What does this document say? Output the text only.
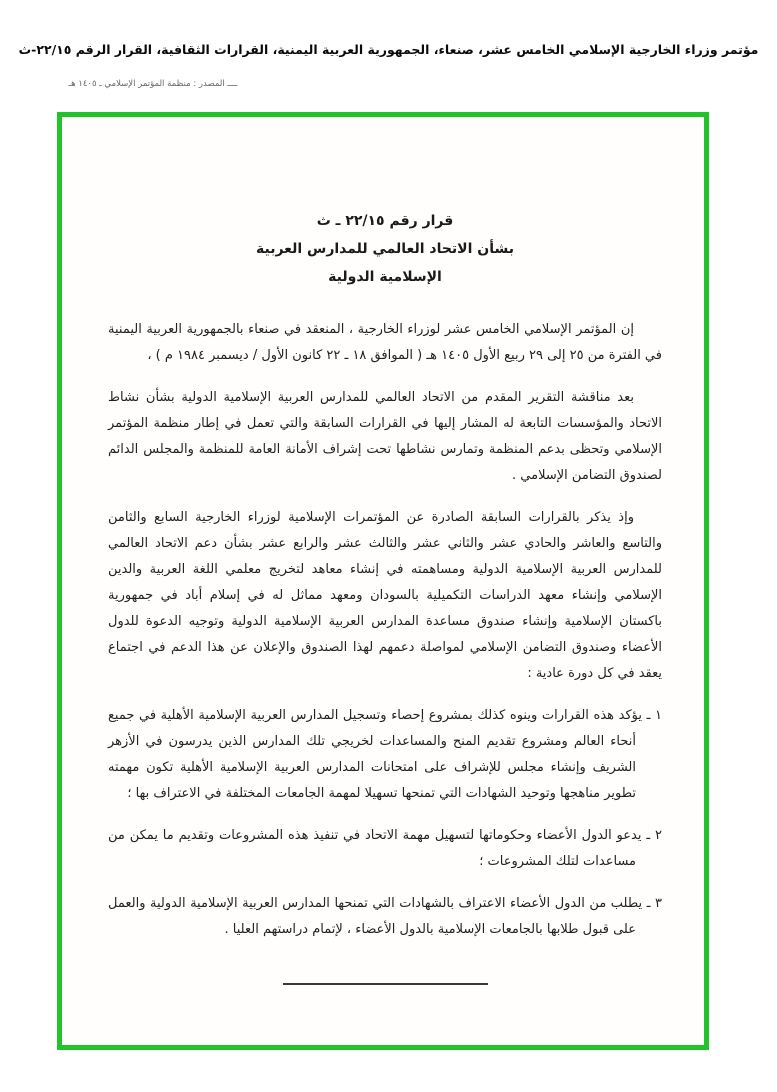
مؤتمر وزراء الخارجية الإسلامي الخامس عشر، صنعاء، الجمهورية العربية اليمنية، القرارات الثقافية، القرار الرقم ٢٢/١٥-ث
ــــ المصدر : منظمة المؤتمر الإسلامي ـ ١٤٠٥ هـ
قرار رقم ٢٢/١٥ ـ ث
بشأن الاتحاد العالمي للمدارس العربية
الإسلامية الدولية

إن المؤتمر الإسلامي الخامس عشر لوزراء الخارجية ، المنعقد في صنعاء بالجمهورية العربية اليمنية في الفترة من ٢٥ إلى ٢٩ ربيع الأول ١٤٠٥ هـ ( الموافق ١٨ ـ ٢٢ كانون الأول / ديسمبر ١٩٨٤ م ) ،

بعد مناقشة التقرير المقدم من الاتحاد العالمي للمدارس العربية الإسلامية الدولية بشأن نشاط الاتحاد والمؤسسات التابعة له المشار إليها في القرارات السابقة والتي تعمل في إطار منظمة المؤتمر الإسلامي وتحظى بدعم المنظمة وتمارس نشاطها تحت إشراف الأمانة العامة للمنظمة والمجلس الدائم لصندوق التضامن الإسلامي .

وإذ يذكر بالقرارات السابقة الصادرة عن المؤتمرات الإسلامية لوزراء الخارجية السابع والثامن والتاسع والعاشر والحادي عشر والثاني عشر والثالث عشر والرابع عشر بشأن دعم الاتحاد العالمي للمدارس العربية الإسلامية الدولية ومساهمته في إنشاء معاهد لتخريج معلمي اللغة العربية والدين الإسلامي وإنشاء معهد الدراسات التكميلية بالسودان ومعهد مماثل له في إسلام أباد في جمهورية باكستان الإسلامية وإنشاء صندوق مساعدة المدارس العربية الإسلامية الدولية وتوجيه الدعوة للدول الأعضاء وصندوق التضامن الإسلامي لمواصلة دعمهم لهذا الصندوق والإعلان عن هذا الدعم في اجتماع يعقد في كل دورة عادية :

١ ـ يؤكد هذه القرارات وينوه كذلك بمشروع إحصاء وتسجيل المدارس العربية الإسلامية الأهلية في جميع أنحاء العالم ومشروع تقديم المنح والمساعدات لخريجي تلك المدارس الذين يدرسون في الأزهر الشريف وإنشاء مجلس للإشراف على امتحانات المدارس العربية الإسلامية الأهلية تكون مهمته تطوير مناهجها وتوحيد الشهادات التي تمنحها تسهيلا لمهمة الجامعات المختلفة في الاعتراف بها ؛

٢ ـ يدعو الدول الأعضاء وحكوماتها لتسهيل مهمة الاتحاد في تنفيذ هذه المشروعات وتقديم ما يمكن من مساعدات لتلك المشروعات ؛

٣ ـ يطلب من الدول الأعضاء الاعتراف بالشهادات التي تمنحها المدارس العربية الإسلامية الدولية والعمل على قبول طلابها بالجامعات الإسلامية بالدول الأعضاء ، لإتمام دراستهم العليا .
